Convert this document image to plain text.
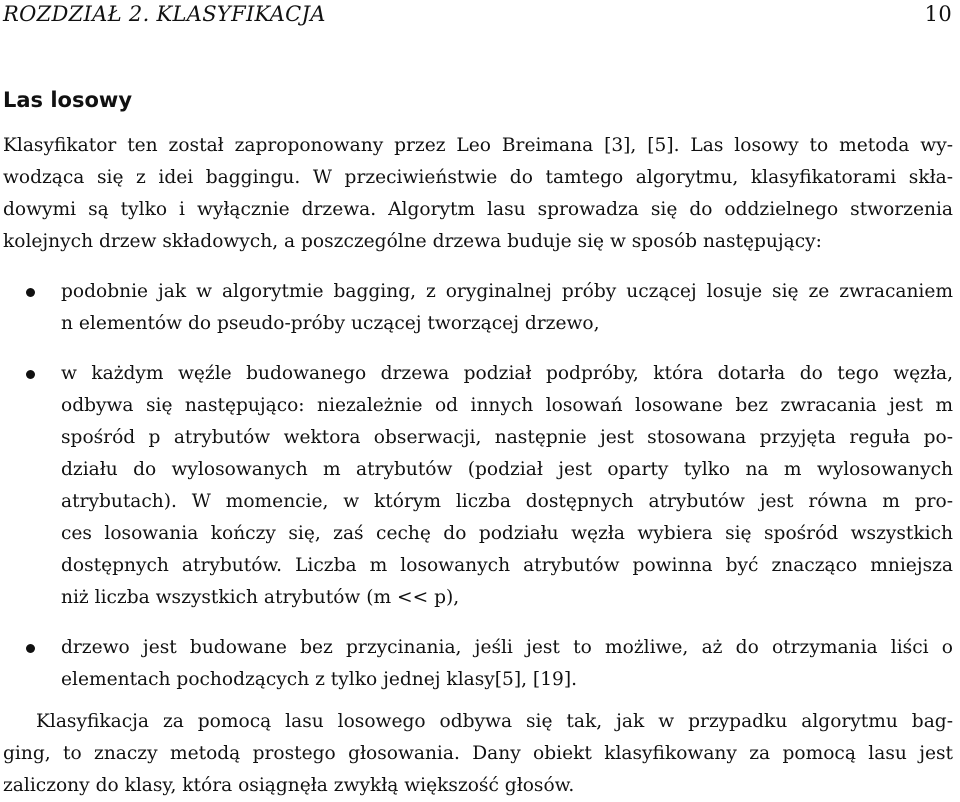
ROZDZIAŁ 2. KLASYFIKACJA	10
Las losowy
Klasyfikator ten został zaproponowany przez Leo Breimana [3], [5]. Las losowy to metoda wy-
wodząca się z idei baggingu. W przeciwieństwie do tamtego algorytmu, klasyfikatorami skła-
dowymi są tylko i wyłącznie drzewa. Algorytm lasu sprowadza się do oddzielnego stworzenia
kolejnych drzew składowych, a poszczególne drzewa buduje się w sposób następujący:
podobnie jak w algorytmie bagging, z oryginalnej próby uczącej losuje się ze zwracaniem
n elementów do pseudo-próby uczącej tworzącej drzewo,
w każdym węźle budowanego drzewa podział podpróby, która dotarła do tego węzła,
odbywa się następująco: niezależnie od innych losowań losowane bez zwracania jest m
spośród p atrybutów wektora obserwacji, następnie jest stosowana przyjęta reguła po-
działu do wylosowanych m atrybutów (podział jest oparty tylko na m wylosowanych
atrybutach). W momencie, w którym liczba dostępnych atrybutów jest równa m pro-
ces losowania kończy się, zaś cechę do podziału węzła wybiera się spośród wszystkich
dostępnych atrybutów. Liczba m losowanych atrybutów powinna być znacząco mniejsza
niż liczba wszystkich atrybutów (m << p),
drzewo jest budowane bez przycinania, jeśli jest to możliwe, aż do otrzymania liści o
elementach pochodzących z tylko jednej klasy[5], [19].
Klasyfikacja za pomocą lasu losowego odbywa się tak, jak w przypadku algorytmu bag-
ging, to znaczy metodą prostego głosowania. Dany obiekt klasyfikowany za pomocą lasu jest
zaliczony do klasy, która osiągnęła zwykłą większość głosów.
